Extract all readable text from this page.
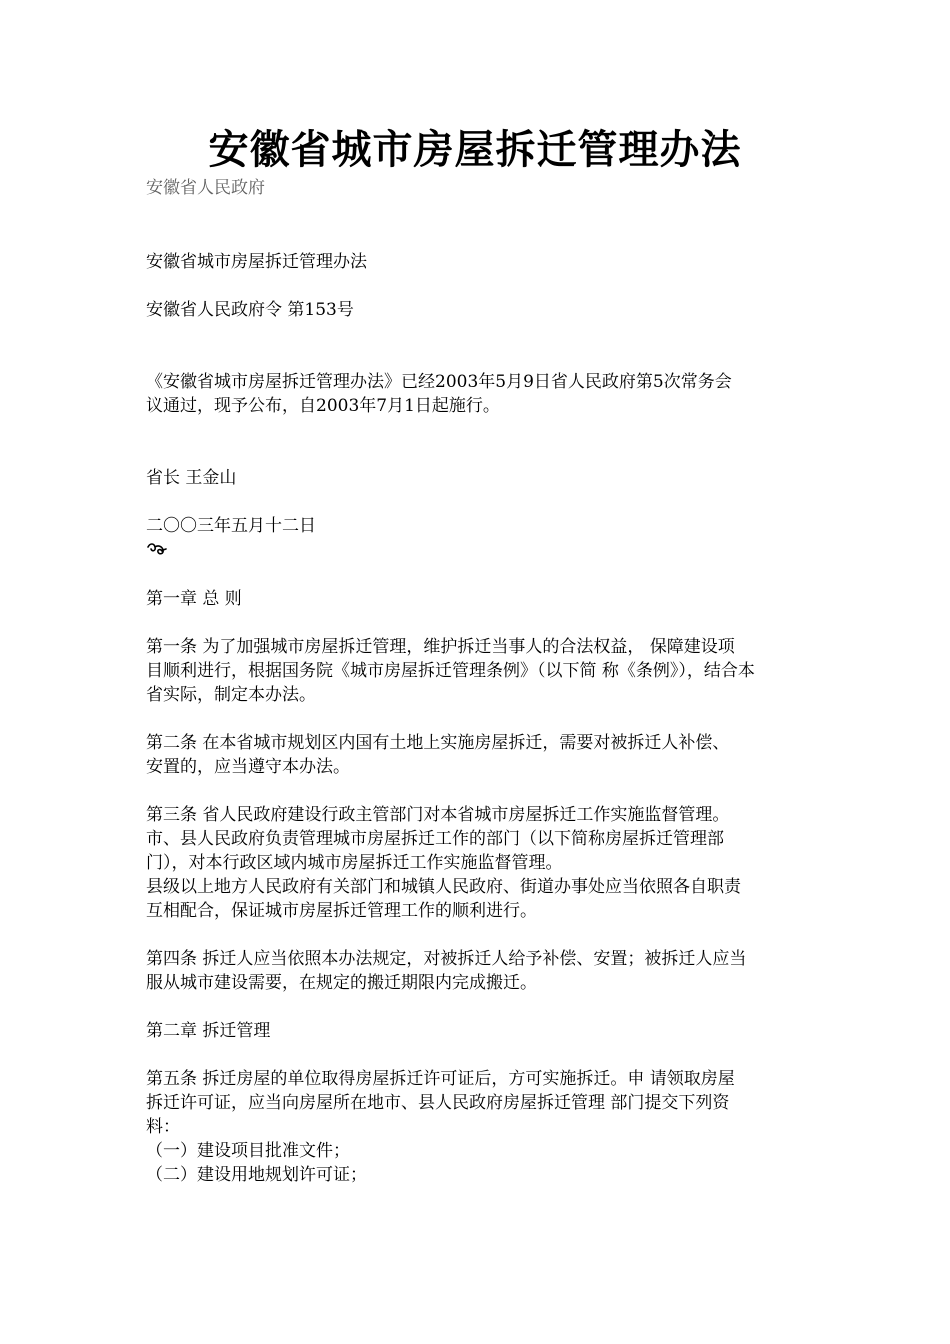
安徽省城市房屋拆迁管理办法
安徽省人民政府

安徽省城市房屋拆迁管理办法

安徽省人民政府令 第153号

《安徽省城市房屋拆迁管理办法》已经2003年5月9日省人民政府第5次常务会
议通过，现予公布，自2003年7月1日起施行。

省长 王金山

二〇〇三年五月十二日

第一章 总 则

第一条 为了加强城市房屋拆迁管理，维护拆迁当事人的合法权益， 保障建设项
目顺利进行，根据国务院《城市房屋拆迁管理条例》（以下简 称《条例》），结合本
省实际，制定本办法。

第二条 在本省城市规划区内国有土地上实施房屋拆迁，需要对被拆迁人补偿、
安置的，应当遵守本办法。

第三条 省人民政府建设行政主管部门对本省城市房屋拆迁工作实施监督管理。
市、县人民政府负责管理城市房屋拆迁工作的部门（以下简称房屋拆迁管理部
门），对本行政区域内城市房屋拆迁工作实施监督管理。
县级以上地方人民政府有关部门和城镇人民政府、街道办事处应当依照各自职责
互相配合，保证城市房屋拆迁管理工作的顺利进行。

第四条 拆迁人应当依照本办法规定，对被拆迁人给予补偿、安置；被拆迁人应当
服从城市建设需要，在规定的搬迁期限内完成搬迁。

第二章 拆迁管理

第五条 拆迁房屋的单位取得房屋拆迁许可证后，方可实施拆迁。申 请领取房屋
拆迁许可证，应当向房屋所在地市、县人民政府房屋拆迁管理 部门提交下列资
料：
（一）建设项目批准文件；
（二）建设用地规划许可证；
